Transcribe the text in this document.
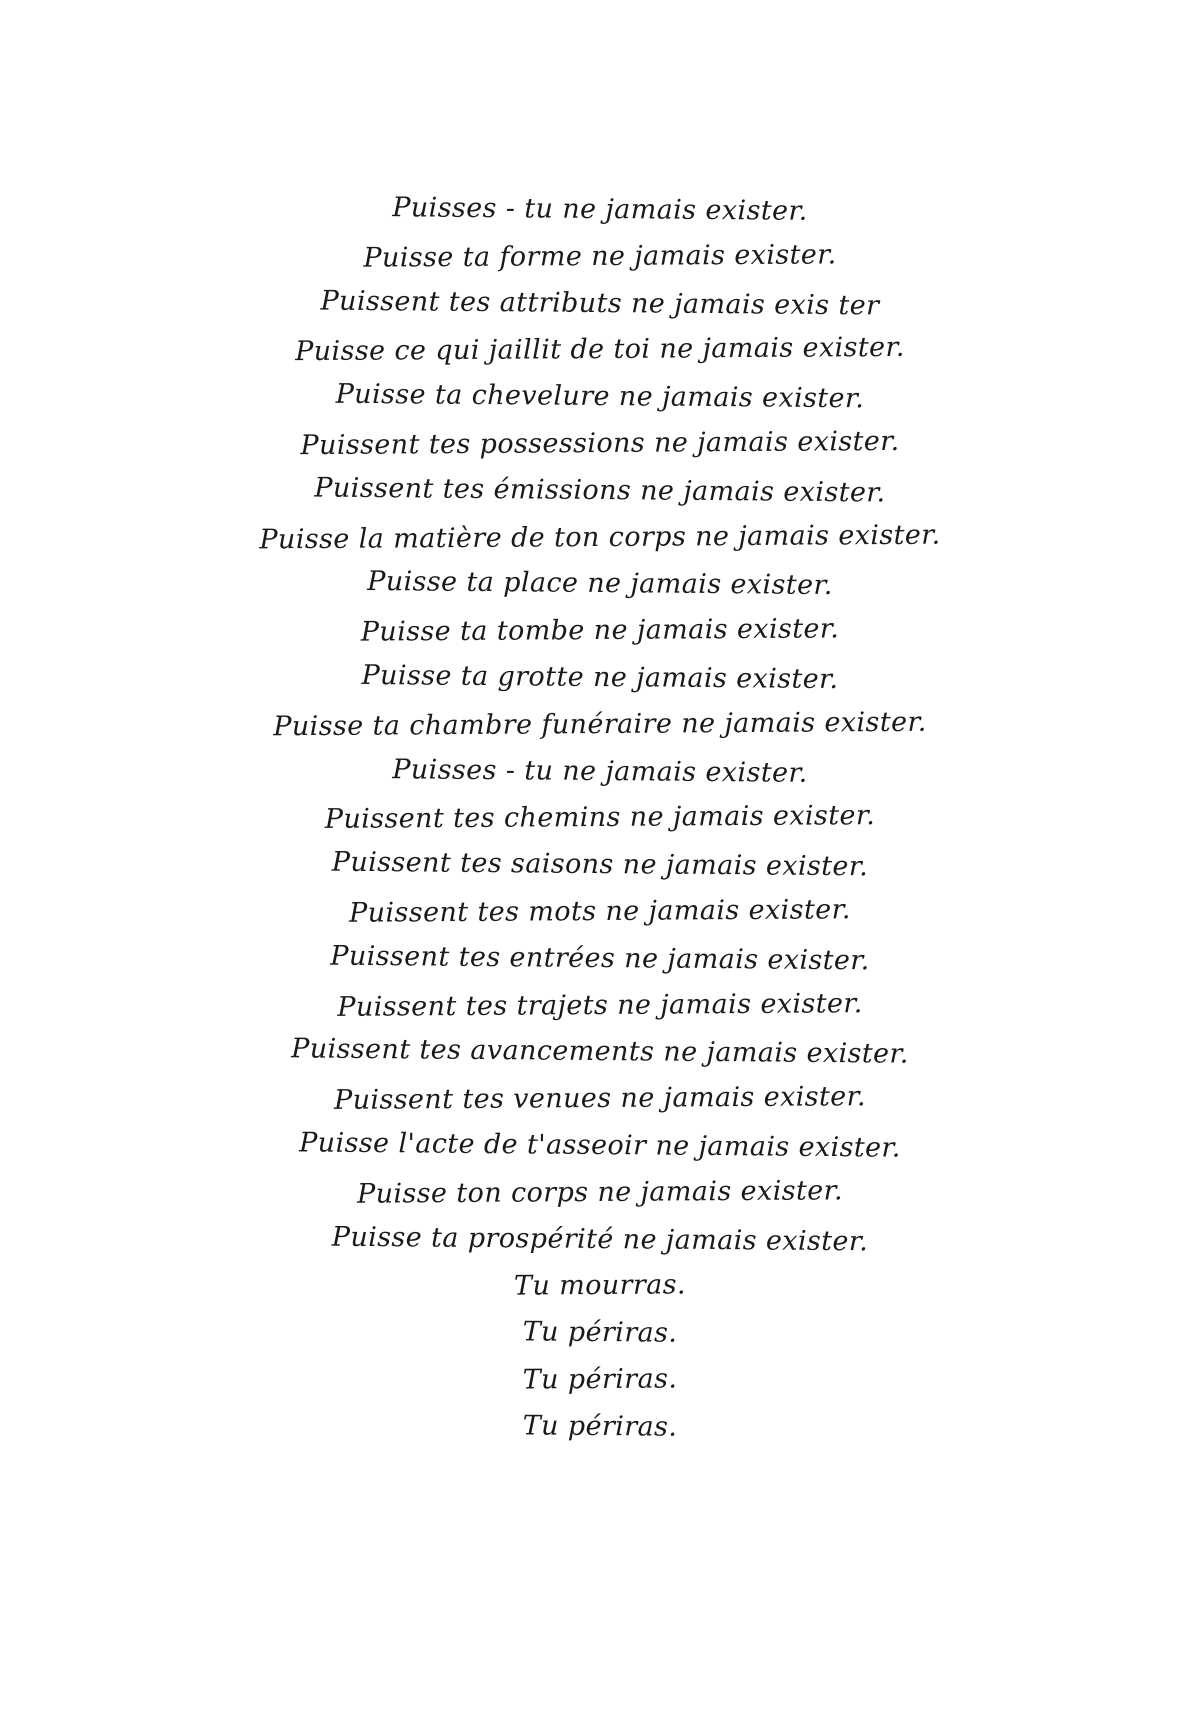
Puisses - tu ne jamais exister.
Puisse ta forme ne jamais exister.
Puissent tes attributs ne jamais exis ter
Puisse ce qui jaillit de toi ne jamais exister.
Puisse ta chevelure ne jamais exister.
Puissent tes possessions ne jamais exister.
Puissent tes émissions ne jamais exister.
Puisse la matière de ton corps ne jamais exister.
Puisse ta place ne jamais exister.
Puisse ta tombe ne jamais exister.
Puisse ta grotte ne jamais exister.
Puisse ta chambre funéraire ne jamais exister.
Puisses - tu ne jamais exister.
Puissent tes chemins ne jamais exister.
Puissent tes saisons ne jamais exister.
Puissent tes mots ne jamais exister.
Puissent tes entrées ne jamais exister.
Puissent tes trajets ne jamais exister.
Puissent tes avancements ne jamais exister.
Puissent tes venues ne jamais exister.
Puisse l'acte de t'asseoir ne jamais exister.
Puisse ton corps ne jamais exister.
Puisse ta prospérité ne jamais exister.
Tu mourras.
Tu périras.
Tu périras.
Tu périras.
